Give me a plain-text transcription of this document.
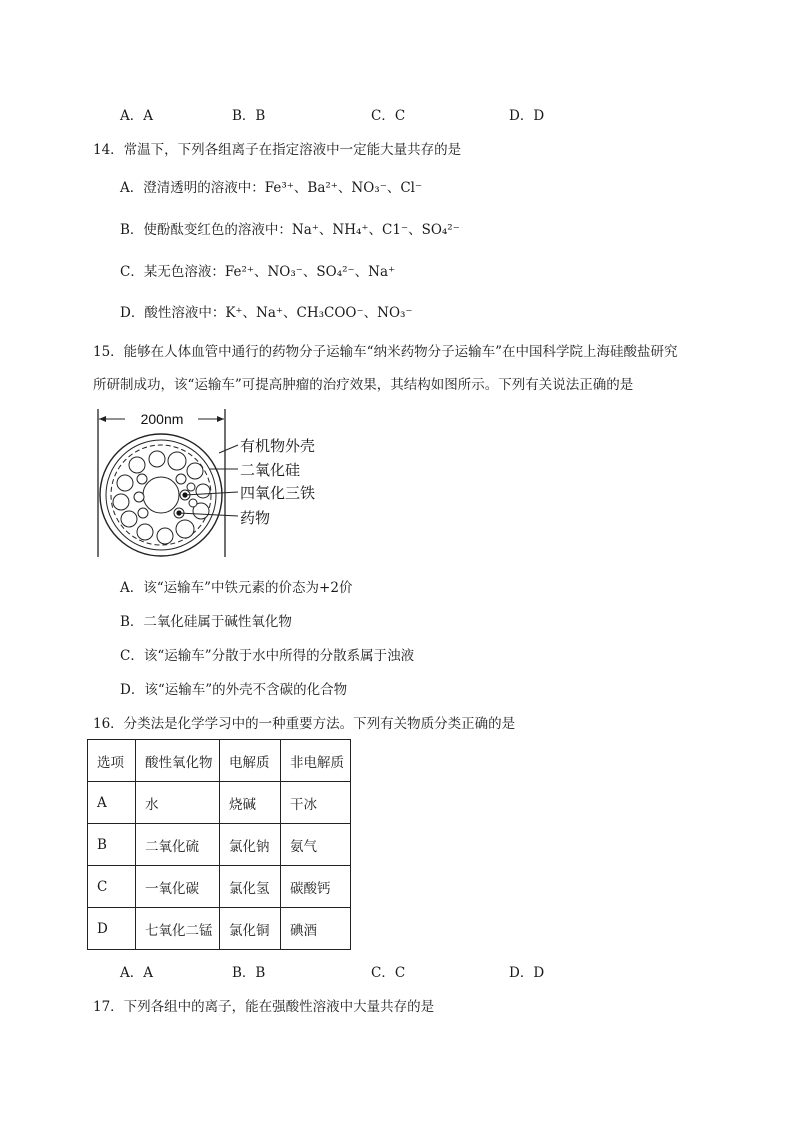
A．A	B．B	C．C	D．D
14．常温下，下列各组离子在指定溶液中一定能大量共存的是
A．澄清透明的溶液中：Fe³⁺、Ba²⁺、NO₃⁻、Cl⁻
B．使酚酞变红色的溶液中：Na⁺、NH₄⁺、C1⁻、SO₄²⁻
C．某无色溶液：Fe²⁺、NO₃⁻、SO₄²⁻、Na⁺
D．酸性溶液中：K⁺、Na⁺、CH₃COO⁻、NO₃⁻
15．能够在人体血管中通行的药物分子运输车“纳米药物分子运输车”在中国科学院上海硅酸盐研究
所研制成功，该“运输车”可提高肿瘤的治疗效果，其结构如图所示。下列有关说法正确的是
200nm
有机物外壳
二氧化硅
四氧化三铁
药物
A．该“运输车”中铁元素的价态为+2价
B．二氧化硅属于碱性氧化物
C．该“运输车”分散于水中所得的分散系属于浊液
D．该“运输车”的外壳不含碳的化合物
16．分类法是化学学习中的一种重要方法。下列有关物质分类正确的是
选项	酸性氧化物	电解质	非电解质
A	水	烧碱	干冰
B	二氧化硫	氯化钠	氨气
C	一氧化碳	氯化氢	碳酸钙
D	七氧化二锰	氯化铜	碘酒
A．A	B．B	C．C	D．D
17．下列各组中的离子，能在强酸性溶液中大量共存的是
